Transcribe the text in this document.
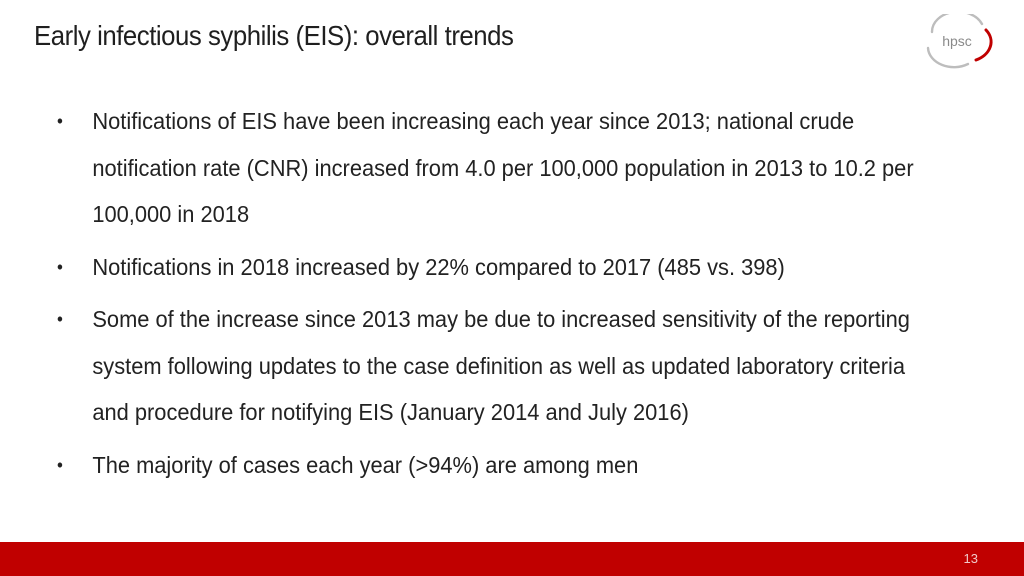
Early infectious syphilis (EIS): overall trends	hpsc
• Notifications of EIS have been increasing each year since 2013; national crude notification rate (CNR) increased from 4.0 per 100,000 population in 2013 to 10.2 per 100,000 in 2018
• Notifications in 2018 increased by 22% compared to 2017 (485 vs. 398)
• Some of the increase since 2013 may be due to increased sensitivity of the reporting system following updates to the case definition as well as updated laboratory criteria and procedure for notifying EIS (January 2014 and July 2016)
• The majority of cases each year (>94%) are among men
13
